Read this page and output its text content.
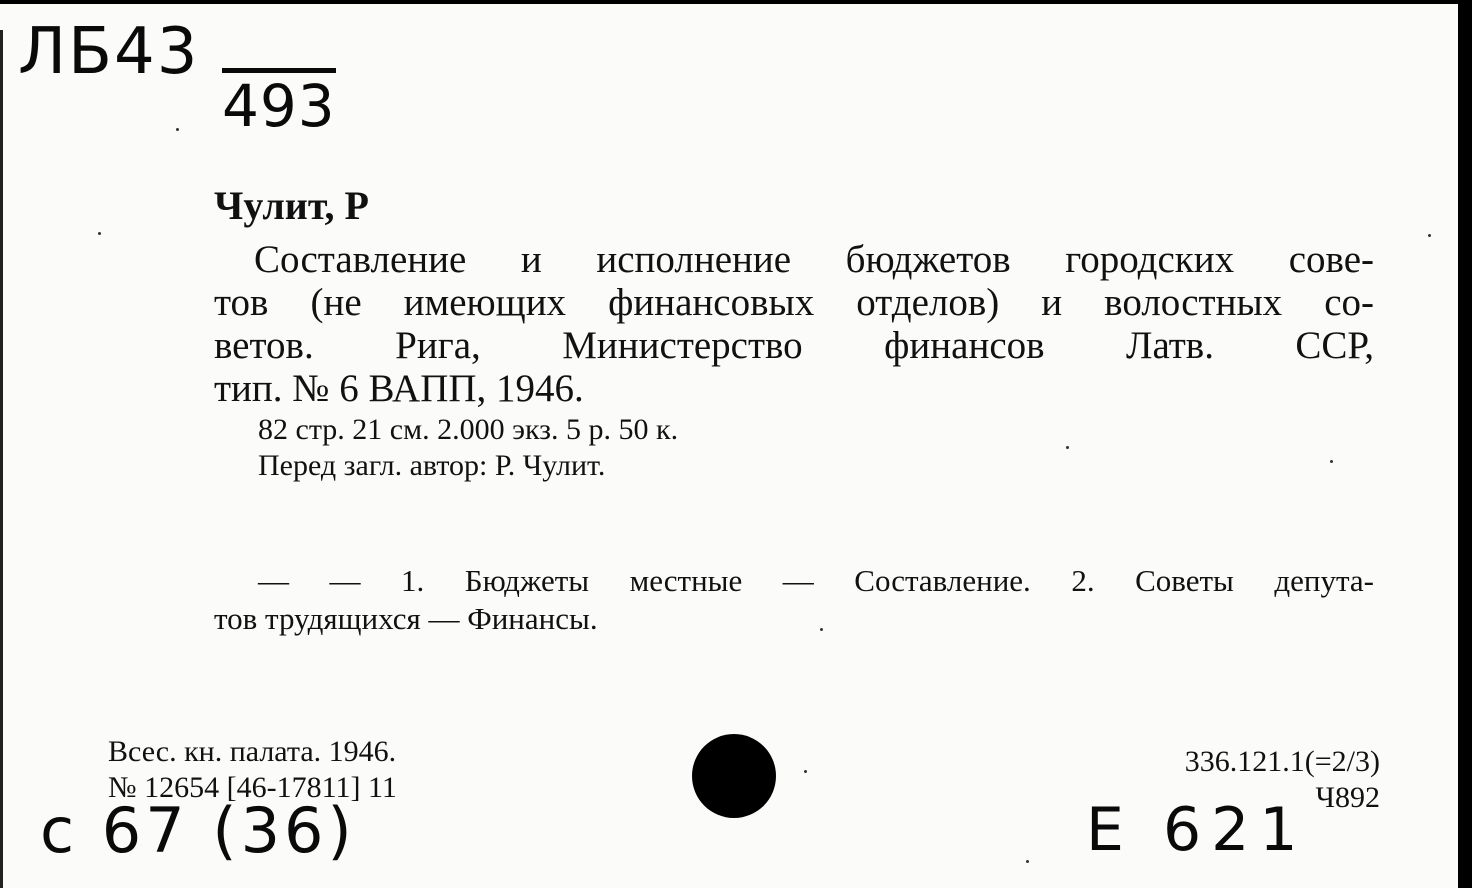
ЛБ43
493
Чулит, Р

Составление и исполнение бюджетов городских сове-

тов (не имеющих финансовых отделов) и волостных со-

ветов. Рига, Министерство финансов Латв. ССР,

тип. № 6 ВАПП, 1946.

82 стр. 21 см. 2.000 экз. 5 р. 50 к.

Перед загл. автор: Р. Чулит.

— — 1. Бюджеты местные — Составление. 2. Советы депута-

тов трудящихся — Финансы.

Всес. кн. палата. 1946.

№ 12654 [46-17811] 11

336.121.1(=2/3)

Ч892

с 67 (36)	Е 621
